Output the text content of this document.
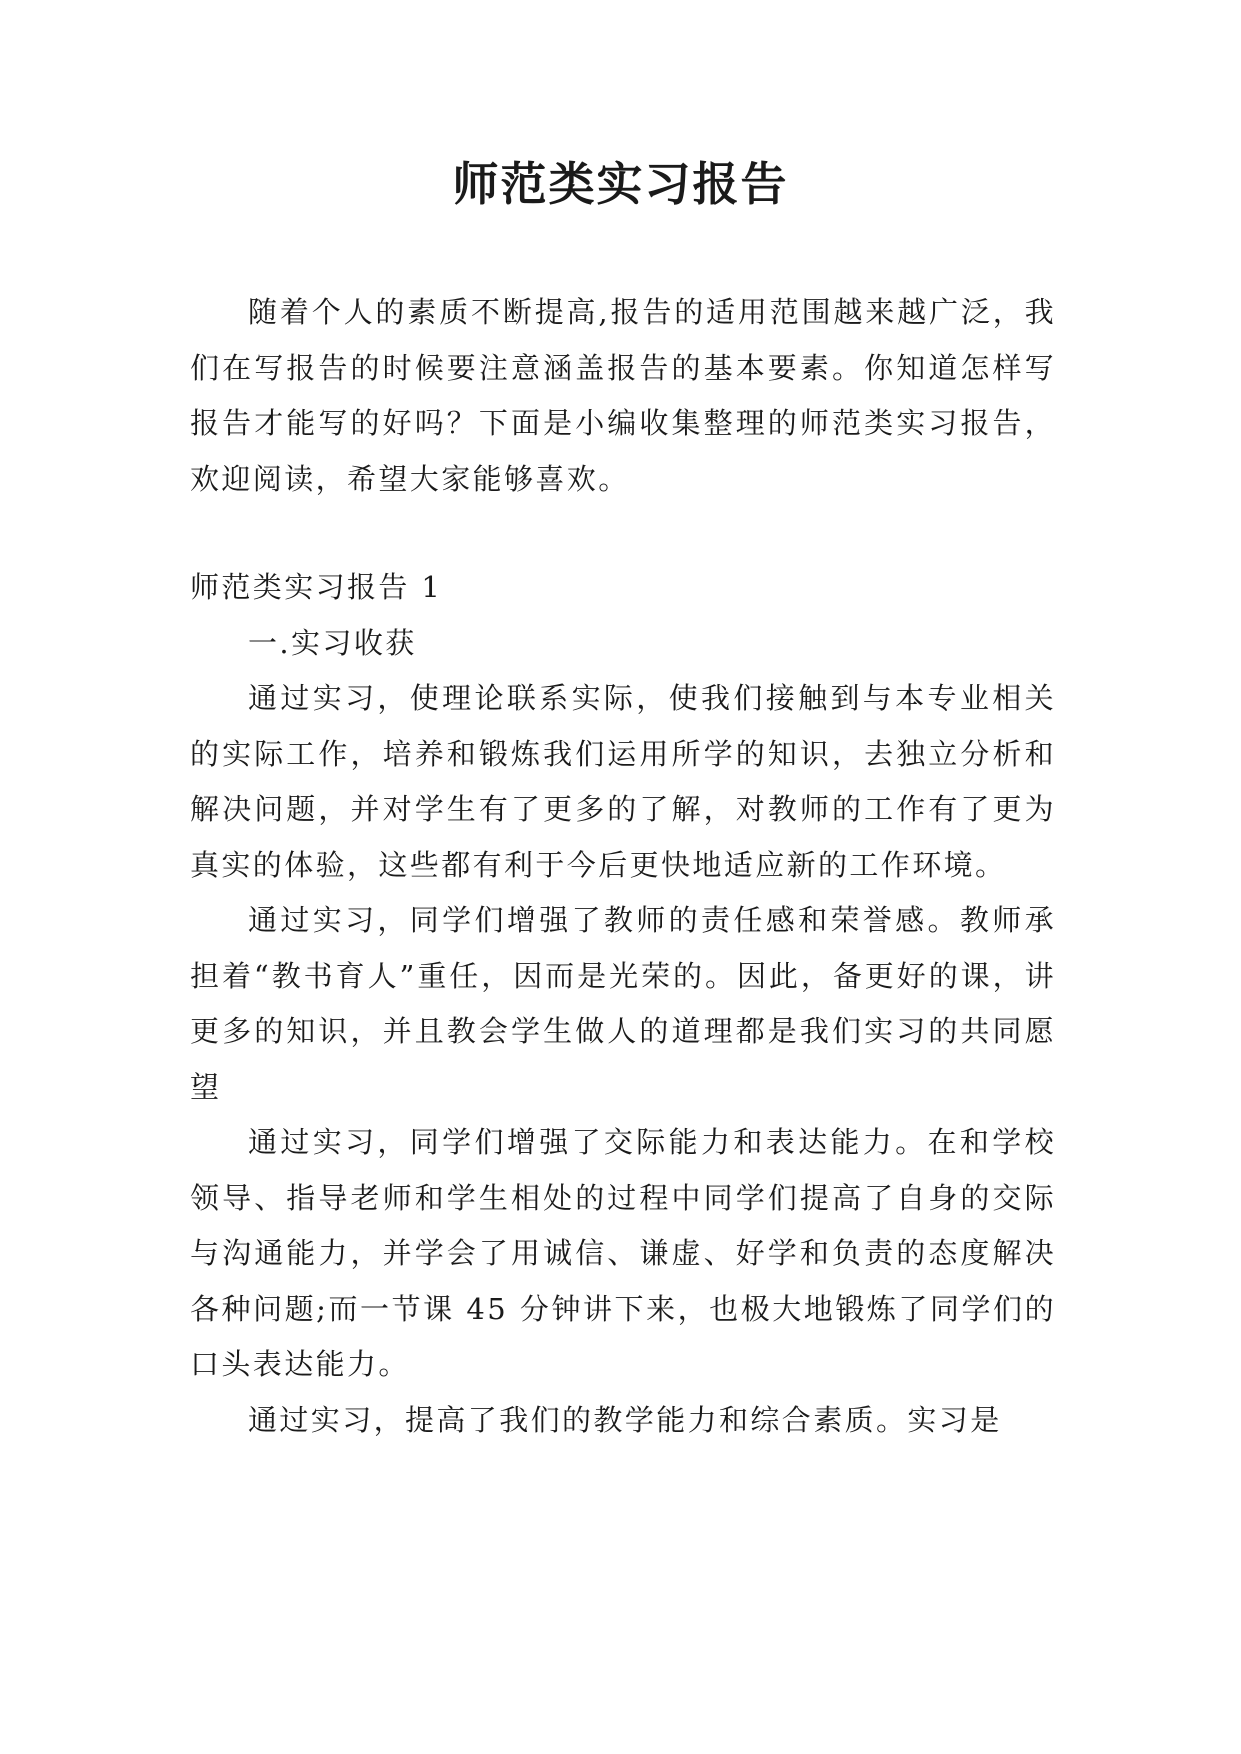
师范类实习报告

随着个人的素质不断提高,报告的适用范围越来越广泛，我们在写报告的时候要注意涵盖报告的基本要素。你知道怎样写报告才能写的好吗？下面是小编收集整理的师范类实习报告，欢迎阅读，希望大家能够喜欢。

师范类实习报告 1

一.实习收获

通过实习，使理论联系实际，使我们接触到与本专业相关的实际工作，培养和锻炼我们运用所学的知识，去独立分析和解决问题，并对学生有了更多的了解，对教师的工作有了更为真实的体验，这些都有利于今后更快地适应新的工作环境。

通过实习，同学们增强了教师的责任感和荣誉感。教师承担着“教书育人”重任，因而是光荣的。因此，备更好的课，讲更多的知识，并且教会学生做人的道理都是我们实习的共同愿望

通过实习，同学们增强了交际能力和表达能力。在和学校领导、指导老师和学生相处的过程中同学们提高了自身的交际与沟通能力，并学会了用诚信、谦虚、好学和负责的态度解决各种问题;而一节课 45 分钟讲下来，也极大地锻炼了同学们的口头表达能力。

通过实习，提高了我们的教学能力和综合素质。实习是
